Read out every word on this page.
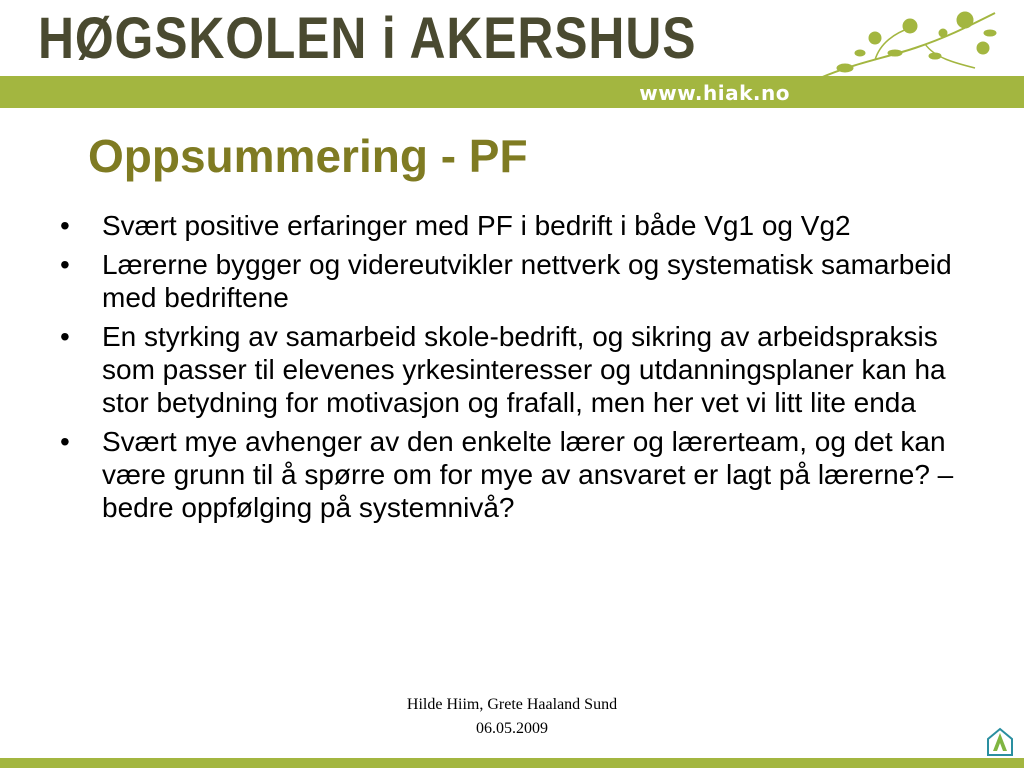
HØGSKOLEN i AKERSHUS
www.hiak.no
Oppsummering - PF
• Svært positive erfaringer med PF i bedrift i både Vg1 og Vg2
• Lærerne bygger og videreutvikler nettverk og systematisk samarbeid med bedriftene
• En styrking av samarbeid skole-bedrift, og sikring av arbeidspraksis som passer til elevenes yrkesinteresser og utdanningsplaner kan ha stor betydning for motivasjon og frafall, men her vet vi litt lite enda
• Svært mye avhenger av den enkelte lærer og lærerteam, og det kan være grunn til å spørre om for mye av ansvaret er lagt på lærerne? – bedre oppfølging på systemnivå?
Hilde Hiim, Grete Haaland Sund
06.05.2009
